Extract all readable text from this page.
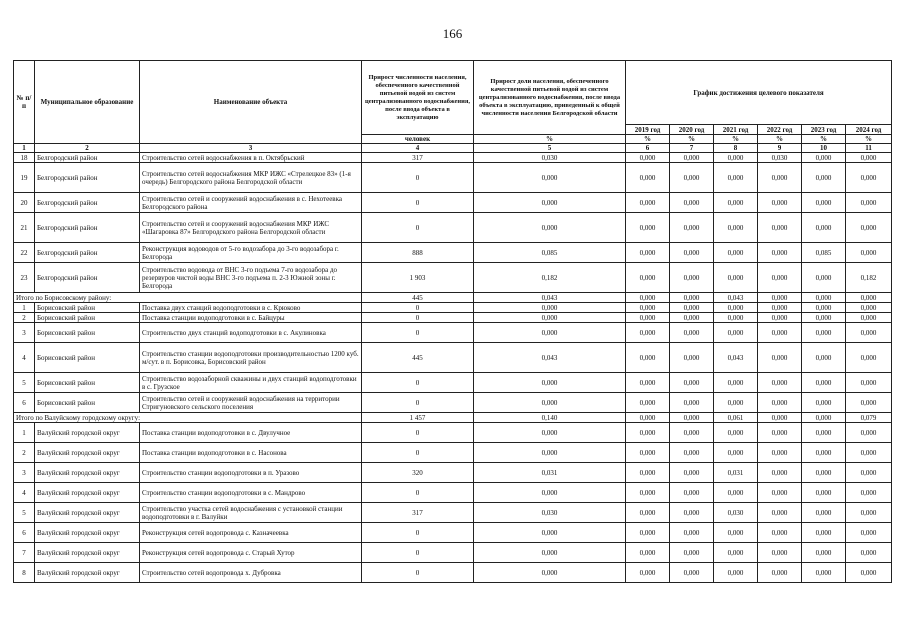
166
№ п/п	Муниципальное образование	Наименование объекта	Прирост численности населения, обеспеченного качественной питьевой водой из систем централизованного водоснабжения, после ввода объекта в эксплуатацию	Прирост доли населения, обеспеченного качественной питьевой водой из систем централизованного водоснабжения, после ввода объекта в эксплуатацию, приведенный к общей численности населения Белгородской области	График достижения целевого показателя					
					2019 год	2020 год	2021 год	2022 год	2023 год	2024 год
			человек	%	%	%	%	%	%	%
1	2	3	4	5	6	7	8	9	10	11
18	Белгородский район	Строительство сетей водоснабжения в п. Октябрьский	317	0,030	0,000	0,000	0,000	0,030	0,000	0,000
19	Белгородский район	Строительство сетей водоснабжения МКР ИЖС «Стрелецкое 83» (1-я очередь) Белгородского района Белгородской области	0	0,000	0,000	0,000	0,000	0,000	0,000	0,000
20	Белгородский район	Строительство сетей и сооружений водоснабжения в с. Нехотеевка Белгородского района	0	0,000	0,000	0,000	0,000	0,000	0,000	0,000
21	Белгородский район	Строительство сетей и сооружений водоснабжения МКР ИЖС «Шагаровка 87» Белгородского района Белгородской области	0	0,000	0,000	0,000	0,000	0,000	0,000	0,000
22	Белгородский район	Реконструкция водоводов от 5-го водозабора до 3-го водозабора г. Белгорода	888	0,085	0,000	0,000	0,000	0,000	0,085	0,000
23	Белгородский район	Строительство водовода от ВНС 3-го подъема 7-го водозабора до резервуров чистой воды ВНС 3-го подъема п. 2-3 Южной зоны г. Белгорода	1 903	0,182	0,000	0,000	0,000	0,000	0,000	0,182
Итого по Борисовскому району:			445	0,043	0,000	0,000	0,043	0,000	0,000	0,000
1	Борисовский район	Поставка двух станций водоподготовки в с. Крюково	0	0,000	0,000	0,000	0,000	0,000	0,000	0,000
2	Борисовский район	Поставка станции водоподготовки в с. Байцуры	0	0,000	0,000	0,000	0,000	0,000	0,000	0,000
3	Борисовский район	Строительство двух станций водоподготовки в с. Акулиновка	0	0,000	0,000	0,000	0,000	0,000	0,000	0,000
4	Борисовский район	Строительство станции водоподготовки производительностью 1200 куб. м/сут. в п. Борисовка, Борисовский район	445	0,043	0,000	0,000	0,043	0,000	0,000	0,000
5	Борисовский район	Строительство водозаборной скважины и двух станций водоподготовки в с. Грузское	0	0,000	0,000	0,000	0,000	0,000	0,000	0,000
6	Борисовский район	Строительство сетей и сооружений водоснабжения на территории Стригуновского сельского поселения	0	0,000	0,000	0,000	0,000	0,000	0,000	0,000
Итого по Валуйскому городскому округу:			1 457	0,140	0,000	0,000	0,061	0,000	0,000	0,079
1	Валуйский городской округ	Поставка станции водоподготовки в с. Двулучное	0	0,000	0,000	0,000	0,000	0,000	0,000	0,000
2	Валуйский городской округ	Поставка станции водоподготовки в с. Насонова	0	0,000	0,000	0,000	0,000	0,000	0,000	0,000
3	Валуйский городской округ	Строительство станции водоподготовки в п. Уразово	320	0,031	0,000	0,000	0,031	0,000	0,000	0,000
4	Валуйский городской округ	Строительство станции водоподготовки в с. Мандрово	0	0,000	0,000	0,000	0,000	0,000	0,000	0,000
5	Валуйский городской округ	Строительство участка сетей водоснабжения с установкой станции водоподготовки в г. Валуйки	317	0,030	0,000	0,000	0,030	0,000	0,000	0,000
6	Валуйский городской округ	Реконструкция сетей водопровода с. Казначеевка	0	0,000	0,000	0,000	0,000	0,000	0,000	0,000
7	Валуйский городской округ	Реконструкция сетей водопровода с. Старый Хутор	0	0,000	0,000	0,000	0,000	0,000	0,000	0,000
8	Валуйский городской округ	Строительство сетей водопровода х. Дубровка	0	0,000	0,000	0,000	0,000	0,000	0,000	0,000
